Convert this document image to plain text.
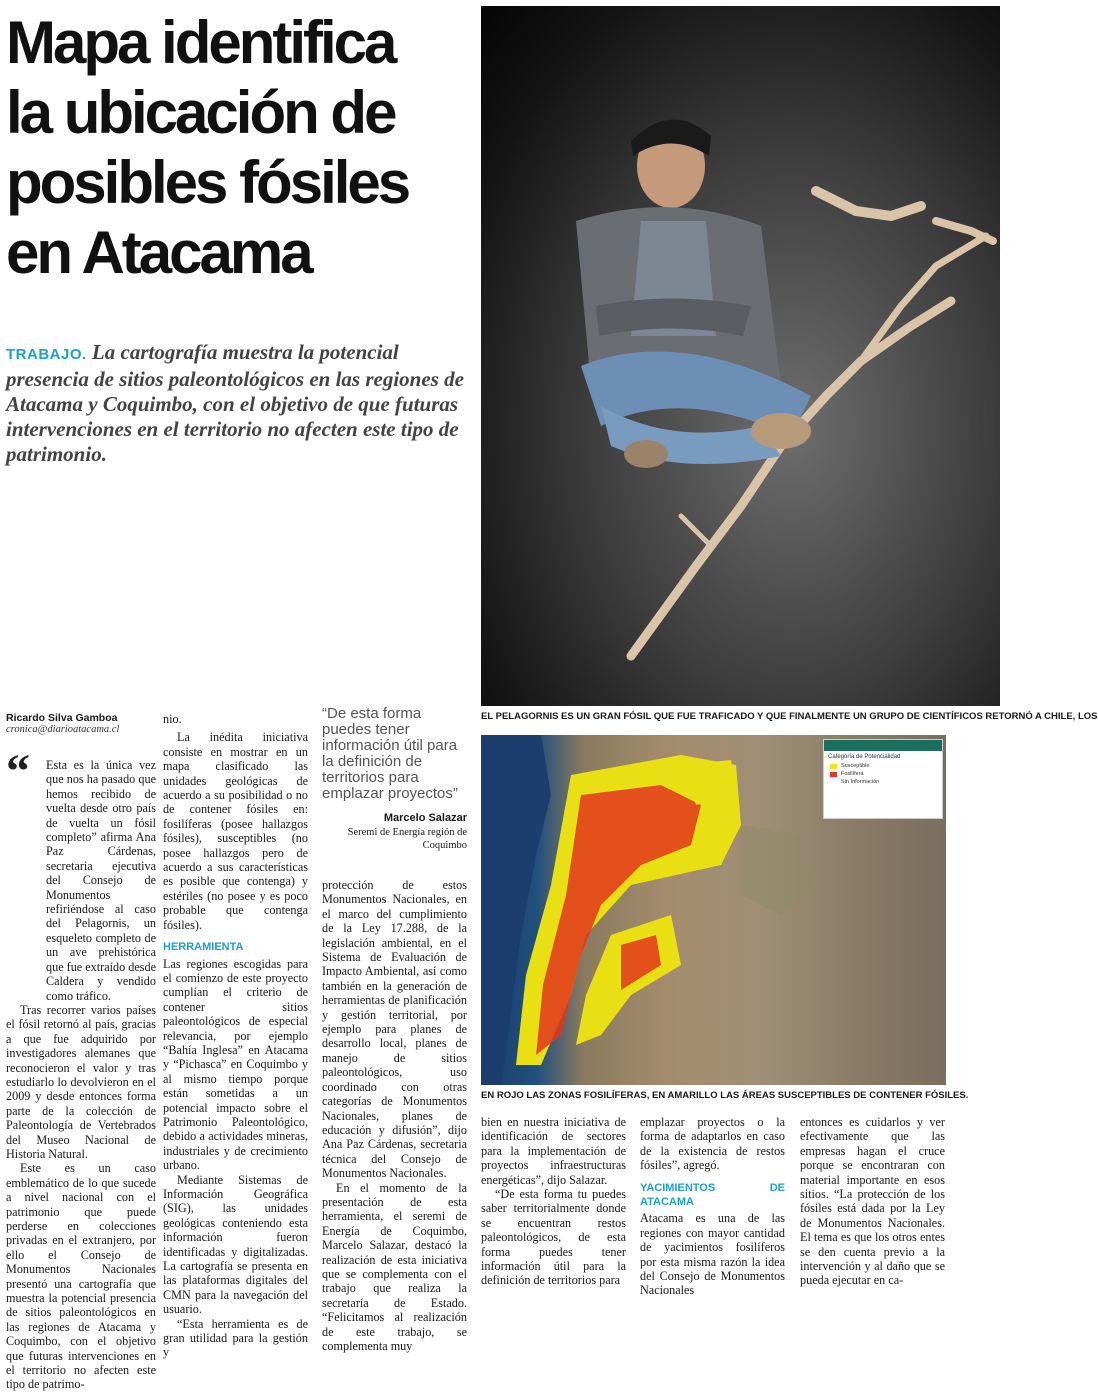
Mapa identifica
la ubicación de
posibles fósiles
en Atacama
TRABAJO. La cartografía muestra la potencial presencia de sitios paleontológicos en las regiones de Atacama y Coquimbo, con el objetivo de que futuras intervenciones en el territorio no afecten este tipo de patrimonio.
EL PELAGORNIS ES UN GRAN FÓSIL QUE FUE TRAFICADO Y QUE FINALMENTE UN GRUPO DE CIENTÍFICOS RETORNÓ A CHILE, LOS
Categoría de Potencialidad
Susceptible
Fosilífera
Sin Información
EN ROJO LAS ZONAS FOSILÍFERAS, EN AMARILLO LAS ÁREAS SUSCEPTIBLES DE CONTENER FÓSILES.
Ricardo Silva Gamboa
cronica@diarioatacama.cl
“	Esta es la única vez que nos ha pasado que hemos recibido de vuelta desde otro país de vuelta un fósil completo” afirma Ana Paz Cárdenas, secretaria ejecutiva del Consejo de Monumentos refiriéndose al caso del Pelagornis, un esqueleto completo de un ave prehistórica que fue extraído desde Caldera y vendido como tráfico.

Tras recorrer varios países el fósil retornó al país, gracias a que fue adquirido por investigadores alemanes que reconocieron el valor y tras estudiarlo lo devolvieron en el 2009 y desde entonces forma parte de la colección de Paleontología de Vertebrados del Museo Nacional de Historia Natural.

Este es un caso emblemático de lo que sucede a nivel nacional con el patrimonio que puede perderse en colecciones privadas en el extranjero, por ello el Consejo de Monumentos Nacionales presentó una cartografía que muestra la potencial presencia de sitios paleontológicos en las regiones de Atacama y Coquimbo, con el objetivo que futuras intervenciones en el territorio no afecten este tipo de patrimo-

nio.

La inédita iniciativa consiste en mostrar en un mapa clasificado las unidades geológicas de acuerdo a su posibilidad o no de contener fósiles en: fosilíferas (posee hallazgos fósiles), susceptibles (no posee hallazgos pero de acuerdo a sus características es posible que contenga) y estériles (no posee y es poco probable que contenga fósiles).

HERRAMIENTA

Las regiones escogidas para el comienzo de este proyecto cumplían el criterio de contener sitios paleontológicos de especial relevancia, por ejemplo “Bahía Inglesa” en Atacama y “Pichasca” en Coquimbo y al mismo tiempo porque están sometidas a un potencial impacto sobre el Patrimonio Paleontológico, debido a actividades mineras, industriales y de crecimiento urbano.

Mediante Sistemas de Información Geográfica (SIG), las unidades geológicas conteniendo esta información fueron identificadas y digitalizadas. La cartografía se presenta en las plataformas digitales del CMN para la navegación del usuario.

“Esta herramienta es de gran utilidad para la gestión y

“De esta forma puedes tener información útil para la definición de territorios para emplazar proyectos”
Marcelo Salazar
Seremi de Energía región de Coquimbo

protección de estos Monumentos Nacionales, en el marco del cumplimiento de la Ley 17.288, de la legislación ambiental, en el Sistema de Evaluación de Impacto Ambiental, así como también en la generación de herramientas de planificación y gestión territorial, por ejemplo para planes de desarrollo local, planes de manejo de sitios paleontológicos, uso coordinado con otras categorías de Monumentos Nacionales, planes de educación y difusión”, dijo Ana Paz Cárdenas, secretaria técnica del Consejo de Monumentos Nacionales.

En el momento de la presentación de esta herramienta, el seremi de Energía de Coquimbo, Marcelo Salazar, destacó la realización de esta iniciativa que se complementa con el trabajo que realiza la secretaría de Estado. “Felicitamos al realización de este trabajo, se complementa muy

bien en nuestra iniciativa de identificación de sectores para la implementación de proyectos infraestructuras energéticas”, dijo Salazar.

“De esta forma tu puedes saber territorialmente donde se encuentran restos paleontológicos, de esta forma puedes tener información útil para la definición de territorios para

emplazar proyectos o la forma de adaptarlos en caso de la existencia de restos fósiles”, agregó.

YACIMIENTOS DE ATACAMA

Atacama es una de las regiones con mayor cantidad de yacimientos fosilíferos por esta misma razón la idea del Consejo de Monumentos Nacionales

entonces es cuidarlos y ver efectivamente que las empresas hagan el cruce porque se encontraran con material importante en esos sitios. “La protección de los fósiles está dada por la Ley de Monumentos Nacionales. El tema es que los otros entes se den cuenta previo a la intervención y al daño que se pueda ejecutar en ca-
